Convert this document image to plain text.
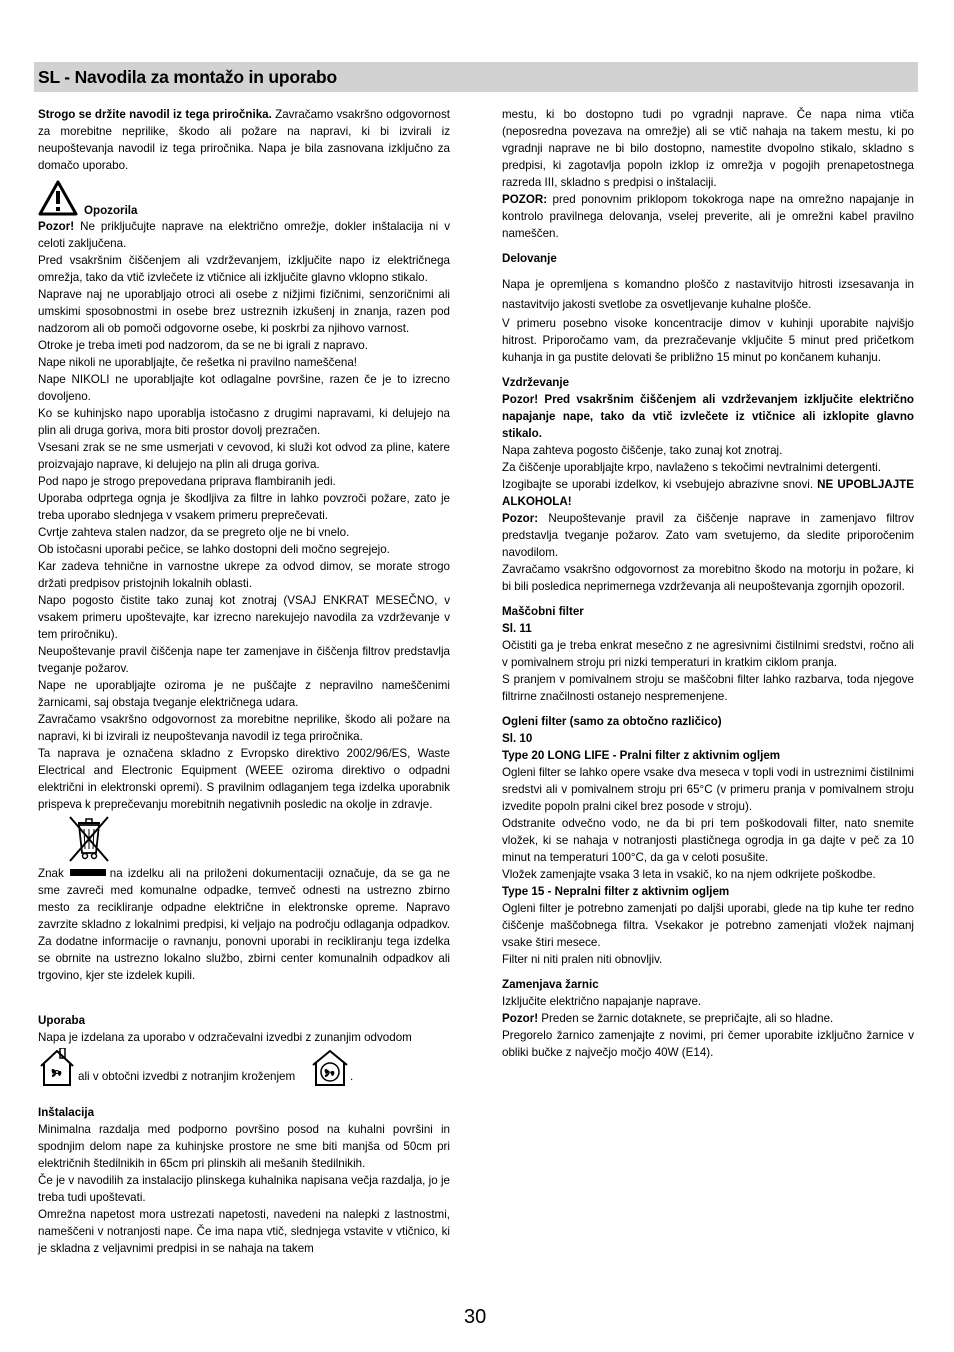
SL - Navodila za montažo in uporabo

Strogo se držite navodil iz tega priročnika. Zavračamo vsakršno odgovornost za morebitne neprilike, škodo ali požare na napravi, ki bi izvirali iz neupoštevanja navodil iz tega priročnika. Napa je bila zasnovana izključno za domačo uporabo.

Opozorila

Pozor! Ne priključujte naprave na električno omrežje, dokler inštalacija ni v celoti zaključena.

Pred vsakršnim čiščenjem ali vzdrževanjem, izključite napo iz električnega omrežja, tako da vtič izvlečete iz vtičnice ali izključite glavno vklopno stikalo.

Naprave naj ne uporabljajo otroci ali osebe z nižjimi fizičnimi, senzoričnimi ali umskimi sposobnostmi in osebe brez ustreznih izkušenj in znanja, razen pod nadzorom ali ob pomoči odgovorne osebe, ki poskrbi za njihovo varnost.

Otroke je treba imeti pod nadzorom, da se ne bi igrali z napravo.

Nape nikoli ne uporabljajte, če rešetka ni pravilno nameščena!

Nape NIKOLI ne uporabljajte kot odlagalne površine, razen če je to izrecno dovoljeno.

Ko se kuhinjsko napo uporablja istočasno z drugimi napravami, ki delujejo na plin ali druga goriva, mora biti prostor dovolj prezračen.

Vsesani zrak se ne sme usmerjati v cevovod, ki služi kot odvod za pline, katere proizvajajo naprave, ki delujejo na plin ali druga goriva.

Pod napo je strogo prepovedana priprava flambiranih jedi.

Uporaba odprtega ognja je škodljiva za filtre in lahko povzroči požare, zato je treba uporabo slednjega v vsakem primeru preprečevati.

Cvrtje zahteva stalen nadzor, da se pregreto olje ne bi vnelo.

Ob istočasni uporabi pečice, se lahko dostopni deli močno segrejejo.

Kar zadeva tehnične in varnostne ukrepe za odvod dimov, se morate strogo držati predpisov pristojnih lokalnih oblasti.

Napo pogosto čistite tako zunaj kot znotraj (VSAJ ENKRAT MESEČNO, v vsakem primeru upoštevajte, kar izrecno narekujejo navodila za vzdrževanje v tem priročniku).

Neupoštevanje pravil čiščenja nape ter zamenjave in čiščenja filtrov predstavlja tveganje požarov.

Nape ne uporabljajte oziroma je ne puščajte z nepravilno nameščenimi žarnicami, saj obstaja tveganje električnega udara.

Zavračamo vsakršno odgovornost za morebitne neprilike, škodo ali požare na napravi, ki bi izvirali iz neupoštevanja navodil iz tega priročnika.

Ta naprava je označena skladno z Evropsko direktivo 2002/96/ES, Waste Electrical and Electronic Equipment (WEEE oziroma direktivo o odpadni električni in elektronski opremi). S pravilnim odlaganjem tega izdelka uporabnik prispeva k preprečevanju morebitnih negativnih posledic na okolje in zdravje.

Znak	na izdelku ali na priloženi dokumentaciji označuje, da se ga ne sme zavreči med komunalne odpadke, temveč odnesti na ustrezno zbirno mesto za recikliranje odpadne električne in elektronske opreme. Napravo zavrzite skladno z lokalnimi predpisi, ki veljajo na področju odlaganja odpadkov. Za dodatne informacije o ravnanju, ponovni uporabi in recikliranju tega izdelka se obrnite na ustrezno lokalno službo, zbirni center komunalnih odpadkov ali trgovino, kjer ste izdelek kupili.

Uporaba

Napa je izdelana za uporabo v odzračevalni izvedbi z zunanjim odvodom

ali v obtočni izvedbi z notranjim kroženjem	.

Inštalacija

Minimalna razdalja med podporno površino posod na kuhalni površini in spodnjim delom nape za kuhinjske prostore ne sme biti manjša od 50cm pri električnih štedilnikih in 65cm pri plinskih ali mešanih štedilnikih.

Če je v navodilih za instalacijo plinskega kuhalnika napisana večja razdalja, jo je treba tudi upoštevati.

Omrežna napetost mora ustrezati napetosti, navedeni na nalepki z lastnostmi, nameščeni v notranjosti nape. Če ima napa vtič, slednjega vstavite v vtičnico, ki je skladna z veljavnimi predpisi in se nahaja na takem

mestu, ki bo dostopno tudi po vgradnji naprave. Če napa nima vtiča (neposredna povezava na omrežje) ali se vtič nahaja na takem mestu, ki po vgradnji naprave ne bi bilo dostopno, namestite dvopolno stikalo, skladno s predpisi, ki zagotavlja popoln izklop iz omrežja v pogojih prenapetostnega razreda III, skladno s predpisi o inštalaciji.

POZOR: pred ponovnim priklopom tokokroga nape na omrežno napajanje in kontrolo pravilnega delovanja, vselej preverite, ali je omrežni kabel pravilno nameščen.

Delovanje

Napa je opremljena s komandno ploščo z nastavitvijo hitrosti izsesavanja in nastavitvijo jakosti svetlobe za osvetljevanje kuhalne plošče.

V primeru posebno visoke koncentracije dimov v kuhinji uporabite najvišjo hitrost. Priporočamo vam, da prezračevanje vključite 5 minut pred pričetkom kuhanja in ga pustite delovati še približno 15 minut po končanem kuhanju.

Vzdrževanje

Pozor! Pred vsakršnim čiščenjem ali vzdrževanjem izključite električno napajanje nape, tako da vtič izvlečete iz vtičnice ali izklopite glavno stikalo.

Napa zahteva pogosto čiščenje, tako zunaj kot znotraj.

Za čiščenje uporabljajte krpo, navlaženo s tekočimi nevtralnimi detergenti.

Izogibajte se uporabi izdelkov, ki vsebujejo abrazivne snovi. NE UPOBLJAJTE ALKOHOLA!

Pozor: Neupoštevanje pravil za čiščenje naprave in zamenjavo filtrov predstavlja tveganje požarov. Zato vam svetujemo, da sledite priporočenim navodilom.

Zavračamo vsakršno odgovornost za morebitno škodo na motorju in požare, ki bi bili posledica neprimernega vzdrževanja ali neupoštevanja zgornjih opozoril.

Maščobni filter

Sl. 11

Očistiti ga je treba enkrat mesečno z ne agresivnimi čistilnimi sredstvi, ročno ali v pomivalnem stroju pri nizki temperaturi in kratkim ciklom pranja.

S pranjem v pomivalnem stroju se maščobni filter lahko razbarva, toda njegove filtrirne značilnosti ostanejo nespremenjene.

Ogleni filter (samo za obtočno različico)

Sl. 10

Type 20 LONG LIFE - Pralni filter z aktivnim ogljem

Ogleni filter se lahko opere vsake dva meseca v topli vodi in ustreznimi čistilnimi sredstvi ali v pomivalnem stroju pri 65°C (v primeru pranja v pomivalnem stroju izvedite popoln pralni cikel brez posode v stroju).

Odstranite odvečno vodo, ne da bi pri tem poškodovali filter, nato snemite vložek, ki se nahaja v notranjosti plastičnega ogrodja in ga dajte v peč za 10 minut na temperaturi 100°C, da ga v celoti posušite.

Vložek zamenjajte vsaka 3 leta in vsakič, ko na njem odkrijete poškodbe.

Type 15 - Nepralni filter z aktivnim ogljem

Ogleni filter je potrebno zamenjati po dalјši uporabi, glede na tip kuhe ter redno čiščenje maščobnega filtra. Vsekakor je potrebno zamenjati vložek najmanj vsake štiri mesece.

Filter ni niti pralen niti obnovljiv.

Zamenjava žarnic

Izključite električno napajanje naprave.

Pozor! Preden se žarnic dotaknete, se prepričajte, ali so hladne.

Pregorelo žarnico zamenjajte z novimi, pri čemer uporabite izključno žarnice v obliki bučke z največjo močjo 40W (E14).

30
